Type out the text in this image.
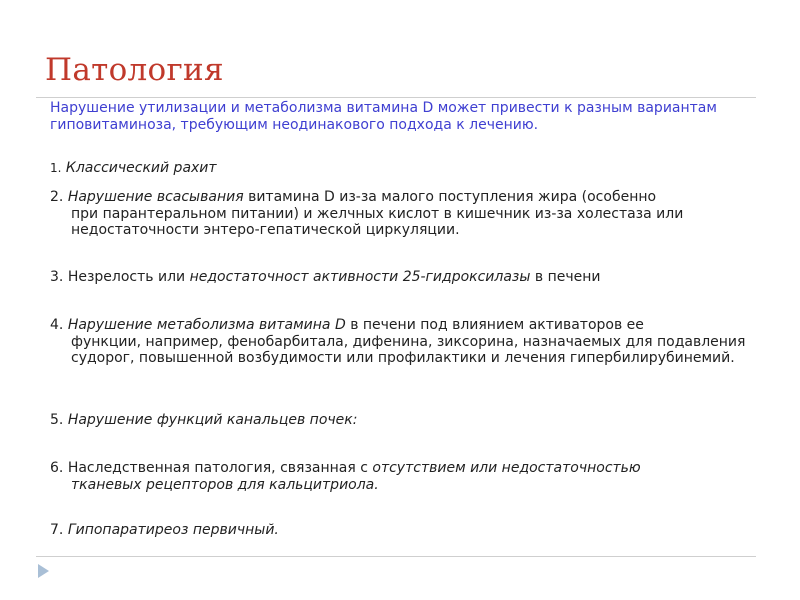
Патология
Нарушение утилизации и метаболизма витамина D может привести к разным вариантам гиповитаминоза, требующим неодинакового подхода к лечению.
1. Классический рахит
2. Нарушение всасывания витамина D из-за малого поступления жира (особенно
при парантеральном питании) и желчных кислот в кишечник из-за холестаза или недостаточности энтеро-гепатической циркуляции.
3. Незрелость или недостаточност активности 25-гидроксилазы в печени
4. Нарушение метаболизма витамина D в печени под влиянием активаторов ее
функции, например, фенобарбитала, дифенина, зиксорина, назначаемых для подавления судорог, повышенной возбудимости или профилактики и лечения гипербилирубинемий.
5. Нарушение функций канальцев почек:
6. Наследственная патология, связанная с отсутствием или недостаточностью
тканевых рецепторов для кальцитриола.
7. Гипопаратиреоз первичный.
